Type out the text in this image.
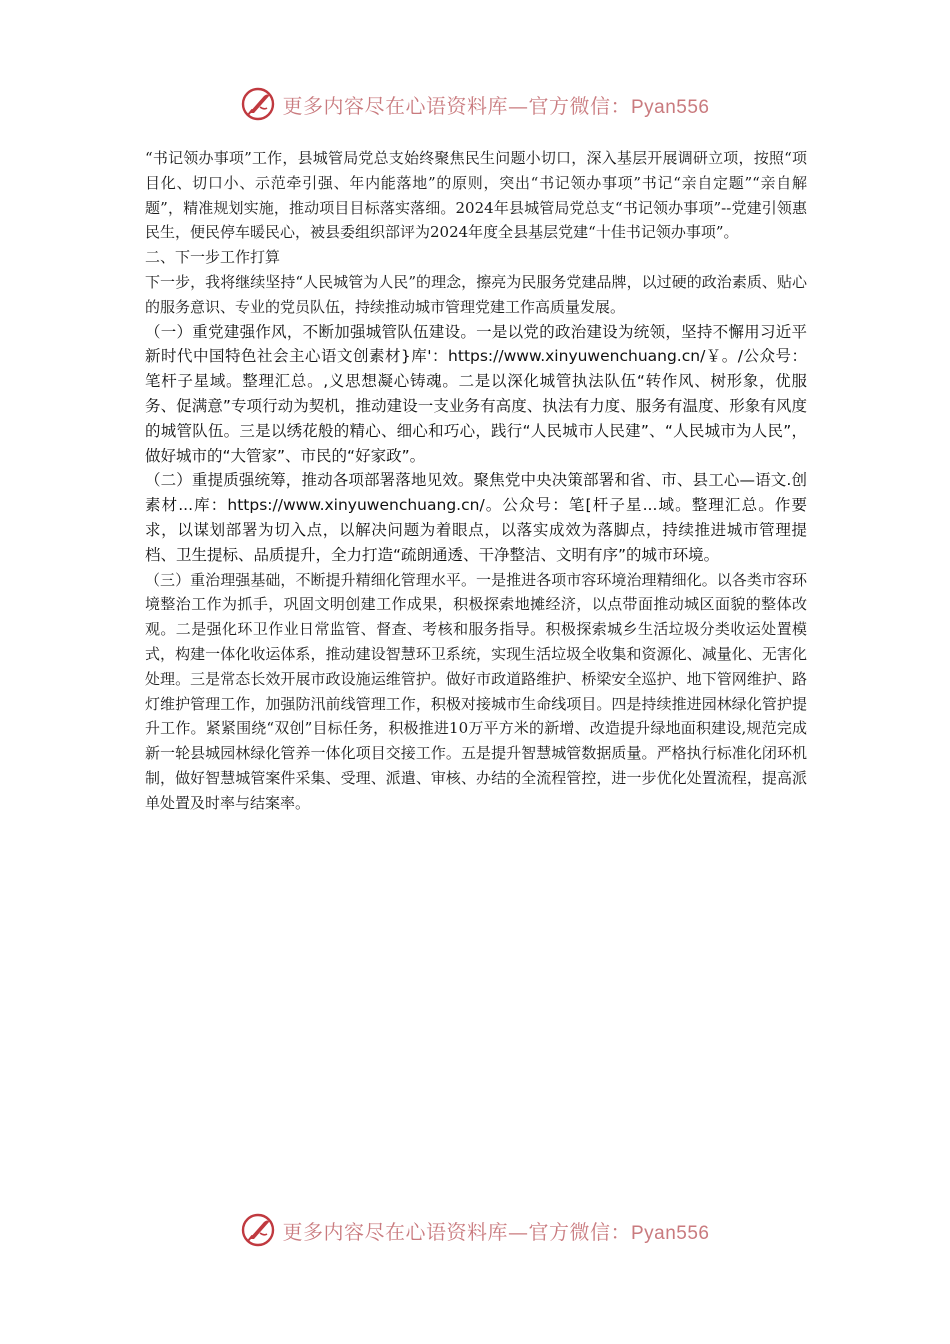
更多内容尽在心语资料库—官方微信：Pyan556

“书记领办事项”工作，县城管局党总支始终聚焦民生问题小切口，深入基层开展调研立项，按照“项目化、切口小、示范牵引强、年内能落地”的原则，突出“书记领办事项”书记“亲自定题”“亲自解题”，精准规划实施，推动项目目标落实落细。2024年县城管局党总支“书记领办事项”--党建引领惠民生，便民停车暖民心，被县委组织部评为2024年度全县基层党建“十佳书记领办事项”。

二、下一步工作打算

下一步，我将继续坚持“人民城管为人民”的理念，擦亮为民服务党建品牌，以过硬的政治素质、贴心的服务意识、专业的党员队伍，持续推动城市管理党建工作高质量发展。

（一）重党建强作风，不断加强城管队伍建设。一是以党的政治建设为统领，坚持不懈用习近平新时代中国特色社会主心语文创素材}库'：https://www.xinyuwenchuang.cn/￥。/公众号：笔杆子星域。整理汇总。,义思想凝心铸魂。二是以深化城管执法队伍“转作风、树形象，优服务、促满意”专项行动为契机，推动建设一支业务有高度、执法有力度、服务有温度、形象有风度的城管队伍。三是以绣花般的精心、细心和巧心，践行“人民城市人民建”、“人民城市为人民”，做好城市的“大管家”、市民的“好家政”。

（二）重提质强统筹，推动各项部署落地见效。聚焦党中央决策部署和省、市、县工心—语文.创素材...库：https://www.xinyuwenchuang.cn/。公众号：笔[杆子星...域。整理汇总。作要求，以谋划部署为切入点，以解决问题为着眼点，以落实成效为落脚点，持续推进城市管理提档、卫生提标、品质提升，全力打造“疏朗通透、干净整洁、文明有序”的城市环境。

（三）重治理强基础，不断提升精细化管理水平。一是推进各项市容环境治理精细化。以各类市容环境整治工作为抓手，巩固文明创建工作成果，积极探索地摊经济，以点带面推动城区面貌的整体改观。二是强化环卫作业日常监管、督查、考核和服务指导。积极探索城乡生活垃圾分类收运处置模式，构建一体化收运体系，推动建设智慧环卫系统，实现生活垃圾全收集和资源化、减量化、无害化处理。三是常态长效开展市政设施运维管护。做好市政道路维护、桥梁安全巡护、地下管网维护、路灯维护管理工作，加强防汛前线管理工作，积极对接城市生命线项目。四是持续推进园林绿化管护提升工作。紧紧围绕“双创”目标任务，积极推进10万平方米的新增、改造提升绿地面积建设,规范完成新一轮县城园林绿化管养一体化项目交接工作。五是提升智慧城管数据质量。严格执行标准化闭环机制，做好智慧城管案件采集、受理、派遣、审核、办结的全流程管控，进一步优化处置流程，提高派单处置及时率与结案率。

更多内容尽在心语资料库—官方微信：Pyan556
